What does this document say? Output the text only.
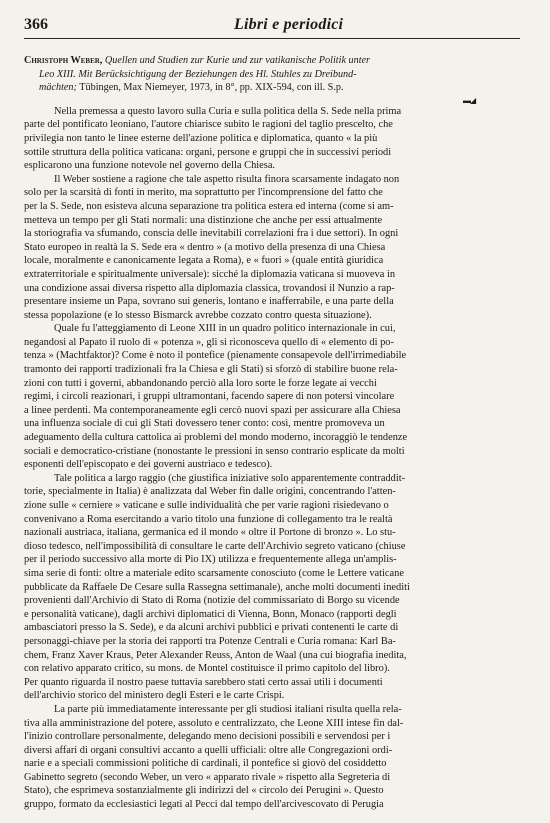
366	Libri e periodici
Christoph Weber, Quellen und Studien zur Kurie und zur vatikanische Politik unter
Leo XIII. Mit Berücksichtigung der Beziehungen des Hl. Stuhles zu Dreibund-
mächten; Tübingen, Max Niemeyer, 1973, in 8°, pp. XIX-594, con ill. S.p.
▬◢
Nella premessa a questo lavoro sulla Curia e sulla politica della S. Sede nella prima
parte del pontificato leoniano, l'autore chiarisce subito le ragioni del taglio prescelto, che
privilegia non tanto le linee esterne dell'azione politica e diplomatica, quanto « la più
sottile struttura della politica vaticana: organi, persone e gruppi che in successivi periodi
esplicarono una funzione notevole nel governo della Chiesa.
Il Weber sostiene a ragione che tale aspetto risulta finora scarsamente indagato non
solo per la scarsità di fonti in merito, ma soprattutto per l'incomprensione del fatto che
per la S. Sede, non esisteva alcuna separazione tra politica estera ed interna (come si am-
metteva un tempo per gli Stati normali: una distinzione che anche per essi attualmente
la storiografia va sfumando, conscia delle inevitabili correlazioni fra i due settori). In ogni
Stato europeo in realtà la S. Sede era « dentro » (a motivo della presenza di una Chiesa
locale, moralmente e canonicamente legata a Roma), e « fuori » (quale entità giuridica
extraterritoriale e spiritualmente universale): sicché la diplomazia vaticana si muoveva in
una condizione assai diversa rispetto alla diplomazia classica, trovandosi il Nunzio a rap-
presentare insieme un Papa, sovrano sui generis, lontano e inafferrabile, e una parte della
stessa popolazione (e lo stesso Bismarck avrebbe cozzato contro questa situazione).
Quale fu l'atteggiamento di Leone XIII in un quadro politico internazionale in cui,
negandosi al Papato il ruolo di « potenza », gli si riconosceva quello di « elemento di po-
tenza » (Machtfaktor)? Come è noto il pontefice (pienamente consapevole dell'irrimediabile
tramonto dei rapporti tradizionali fra la Chiesa e gli Stati) si sforzò di stabilire buone rela-
zioni con tutti i governi, abbandonando perciò alla loro sorte le forze legate ai vecchi
regimi, i circoli reazionari, i gruppi ultramontani, facendo sapere di non potersi vincolare
a linee perdenti. Ma contemporaneamente egli cercò nuovi spazi per assicurare alla Chiesa
una influenza sociale di cui gli Stati dovessero tener conto: così, mentre promoveva un
adeguamento della cultura cattolica ai problemi del mondo moderno, incoraggiò le tendenze
sociali e democratico-cristiane (nonostante le pressioni in senso contrario esplicate da molti
esponenti dell'episcopato e dei governi austriaco e tedesco).
Tale politica a largo raggio (che giustifica iniziative solo apparentemente contraddit-
torie, specialmente in Italia) è analizzata dal Weber fin dalle origini, concentrando l'atten-
zione sulle « cerniere » vaticane e sulle individualità che per varie ragioni risiedevano o
convenivano a Roma esercitando a vario titolo una funzione di collegamento tra le realtà
nazionali austriaca, italiana, germanica ed il mondo « oltre il Portone di bronzo ». Lo stu-
dioso tedesco, nell'impossibilità di consultare le carte dell'Archivio segreto vaticano (chiuse
per il periodo successivo alla morte di Pio IX) utilizza e frequentemente allega un'amplis-
sima serie di fonti: oltre a materiale edito scarsamente conosciuto (come le Lettere vaticane
pubblicate da Raffaele De Cesare sulla Rassegna settimanale), anche molti documenti inediti
provenienti dall'Archivio di Stato di Roma (notizie del commissariato di Borgo su vicende
e personalità vaticane), dagli archivi diplomatici di Vienna, Bonn, Monaco (rapporti degli
ambasciatori presso la S. Sede), e da alcuni archivi pubblici e privati contenenti le carte di
personaggi-chiave per la storia dei rapporti tra Potenze Centrali e Curia romana: Karl Ba-
chem, Franz Xaver Kraus, Peter Alexander Reuss, Anton de Waal (una cui biografia inedita,
con relativo apparato critico, su mons. de Montel costituisce il primo capitolo del libro).
Per quanto riguarda il nostro paese tuttavia sarebbero stati certo assai utili i documenti
dell'archivio storico del ministero degli Esteri e le carte Crispi.
La parte più immediatamente interessante per gli studiosi italiani risulta quella rela-
tiva alla amministrazione del potere, assoluto e centralizzato, che Leone XIII intese fin dal-
l'inizio controllare personalmente, delegando meno decisioni possibili e servendosi per i
diversi affari di organi consultivi accanto a quelli ufficiali: oltre alle Congregazioni ordi-
narie e a speciali commissioni politiche di cardinali, il pontefice si giovò del cosiddetto
Gabinetto segreto (secondo Weber, un vero « apparato rivale » rispetto alla Segreteria di
Stato), che esprimeva sostanzialmente gli indirizzi del « circolo dei Perugini ». Questo
gruppo, formato da ecclesiastici legati al Pecci dal tempo dell'arcivescovato di Perugia
